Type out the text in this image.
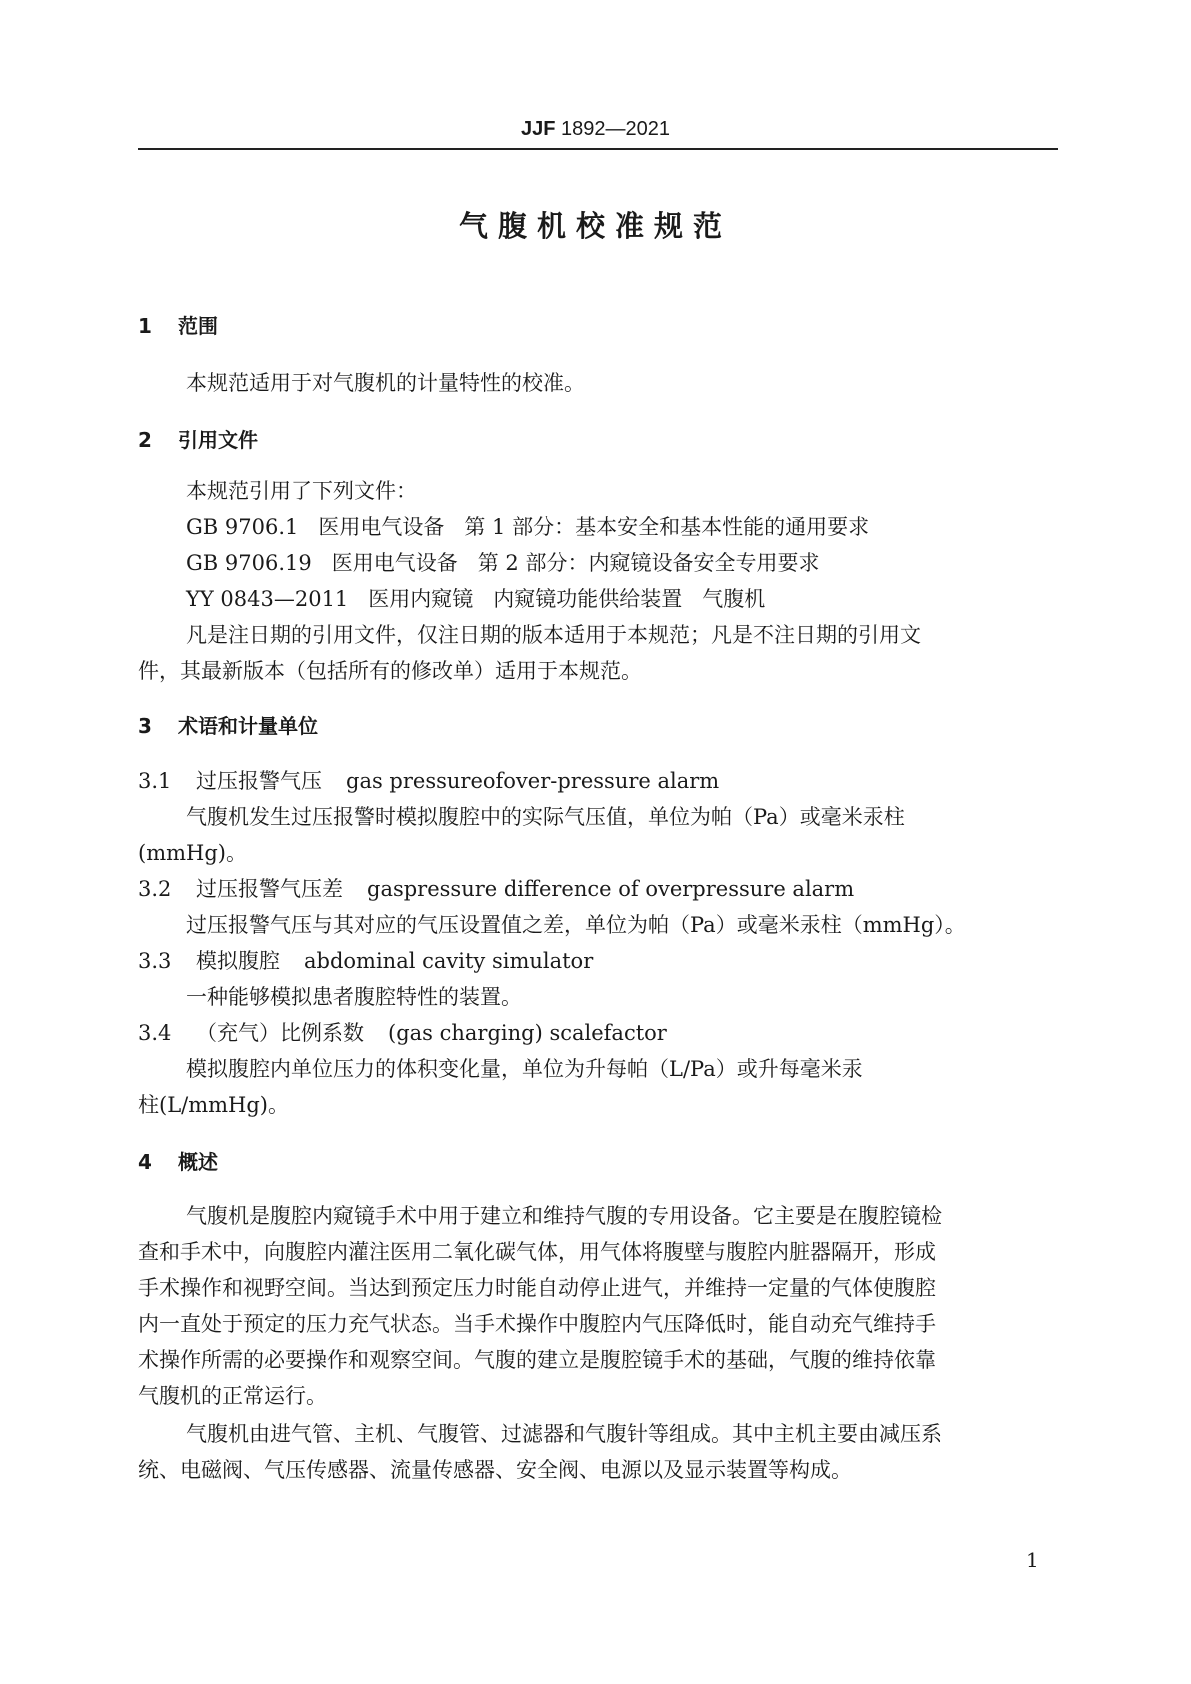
JJF 1892—2021
气腹机校准规范
1 范围
本规范适用于对气腹机的计量特性的校准。
2 引用文件
本规范引用了下列文件：
GB 9706.1 医用电气设备 第 1 部分：基本安全和基本性能的通用要求
GB 9706.19 医用电气设备 第 2 部分：内窥镜设备安全专用要求
YY 0843—2011 医用内窥镜 内窥镜功能供给装置 气腹机
凡是注日期的引用文件，仅注日期的版本适用于本规范；凡是不注日期的引用文
件，其最新版本（包括所有的修改单）适用于本规范。
3 术语和计量单位
3.1 过压报警气压 gas pressureofover-pressure alarm
气腹机发生过压报警时模拟腹腔中的实际气压值，单位为帕（Pa）或毫米汞柱
(mmHg)。
3.2 过压报警气压差 gaspressure difference of overpressure alarm
过压报警气压与其对应的气压设置值之差，单位为帕（Pa）或毫米汞柱（mmHg）。
3.3 模拟腹腔 abdominal cavity simulator
一种能够模拟患者腹腔特性的装置。
3.4 （充气）比例系数 (gas charging) scalefactor
模拟腹腔内单位压力的体积变化量，单位为升每帕（L/Pa）或升每毫米汞
柱(L/mmHg)。
4 概述
气腹机是腹腔内窥镜手术中用于建立和维持气腹的专用设备。它主要是在腹腔镜检
查和手术中，向腹腔内灌注医用二氧化碳气体，用气体将腹壁与腹腔内脏器隔开，形成
手术操作和视野空间。当达到预定压力时能自动停止进气，并维持一定量的气体使腹腔
内一直处于预定的压力充气状态。当手术操作中腹腔内气压降低时，能自动充气维持手
术操作所需的必要操作和观察空间。气腹的建立是腹腔镜手术的基础，气腹的维持依靠
气腹机的正常运行。
气腹机由进气管、主机、气腹管、过滤器和气腹针等组成。其中主机主要由减压系
统、电磁阀、气压传感器、流量传感器、安全阀、电源以及显示装置等构成。
1
